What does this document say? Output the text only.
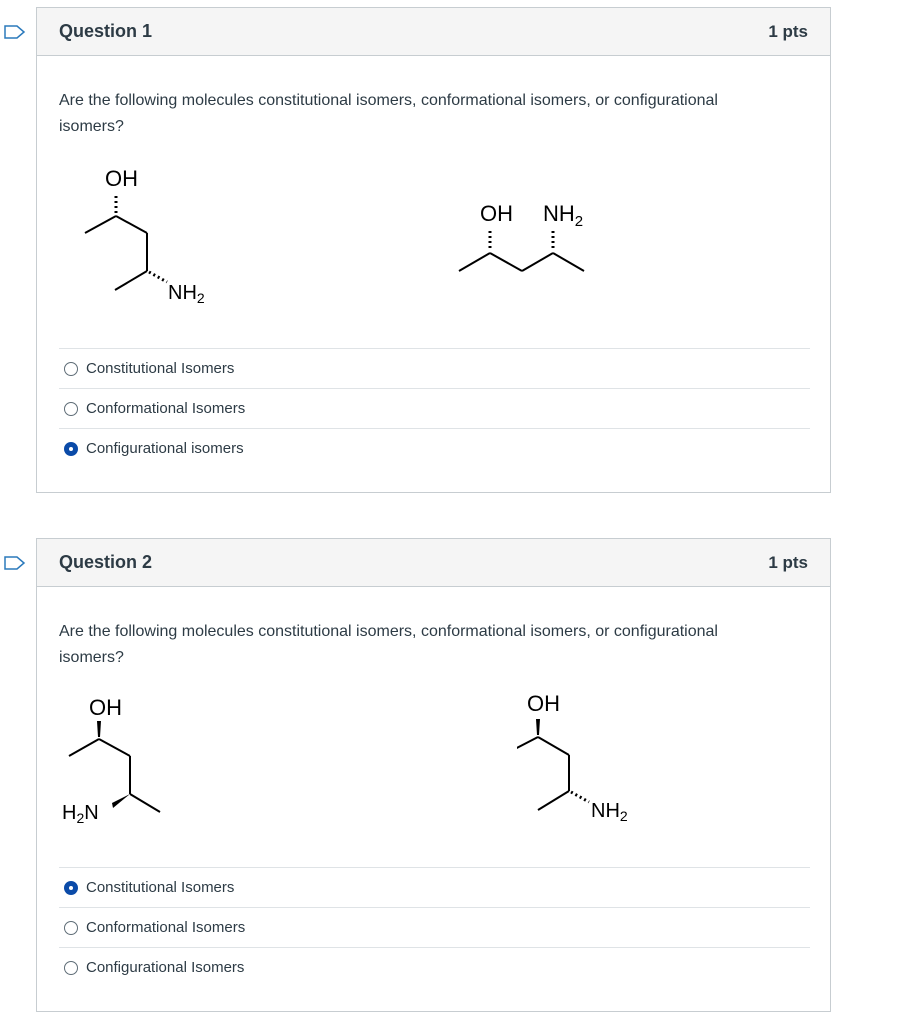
Question 1	1 pts

Are the following molecules constitutional isomers, conformational isomers, or configurational isomers?

OH
$NH_2$
OH $NH_2$
Constitutional Isomers
Conformational Isomers
Configurational isomers
Question 2	1 pts

Are the following molecules constitutional isomers, conformational isomers, or configurational isomers?

OH
$H_2N$
OH
$NH_2$
Constitutional Isomers
Conformational Isomers
Configurational Isomers
